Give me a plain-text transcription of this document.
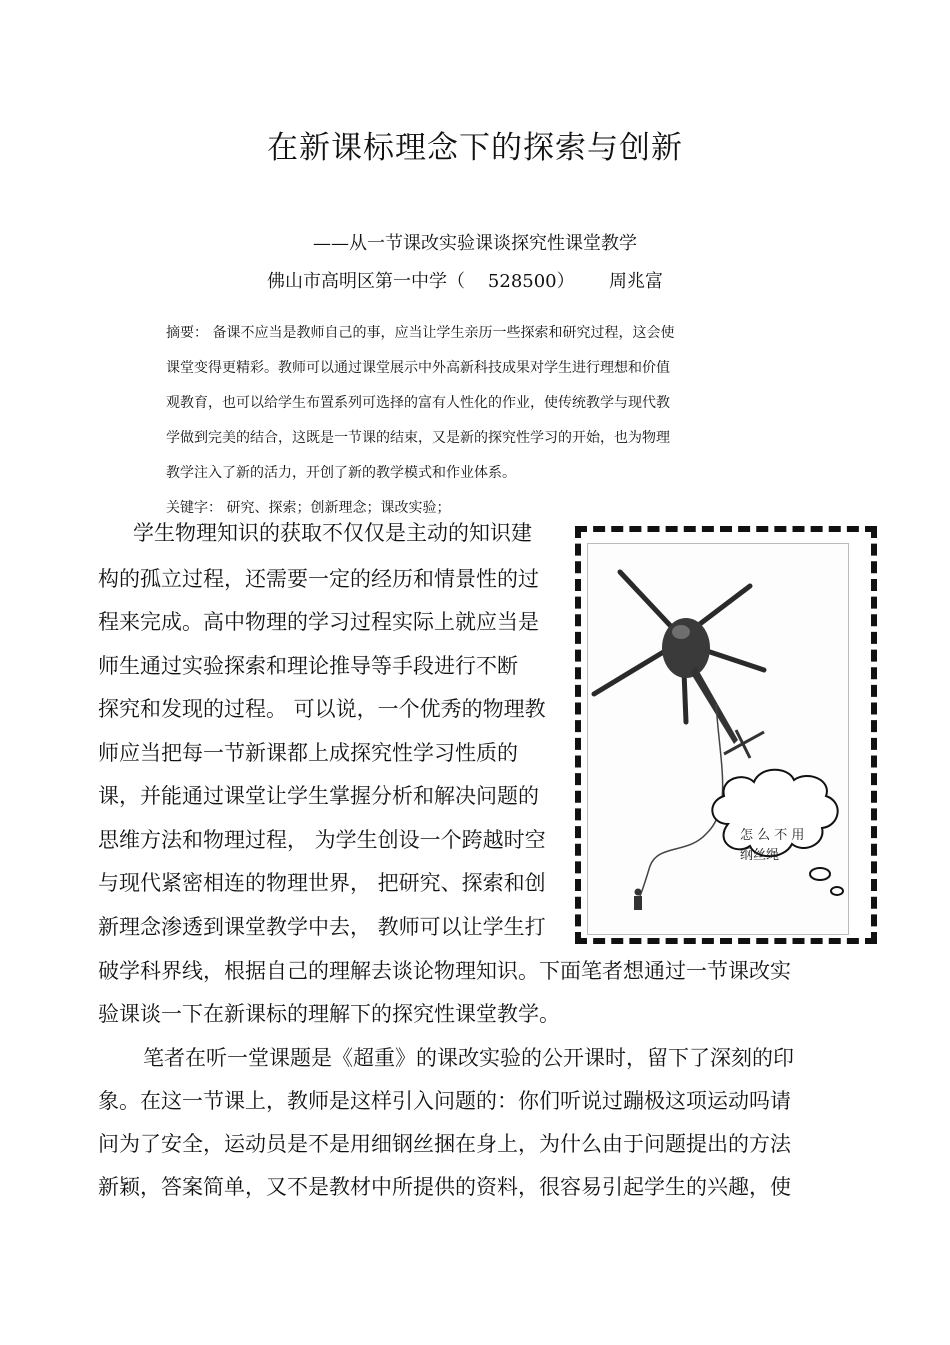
在新课标理念下的探索与创新
——从一节课改实验课谈探究性课堂教学
佛山市高明区第一中学（    528500）      周兆富
摘要： 备课不应当是教师自己的事，应当让学生亲历一些探索和研究过程，这会使
课堂变得更精彩。教师可以通过课堂展示中外高新科技成果对学生进行理想和价值
观教育，也可以给学生布置系列可选择的富有人性化的作业，使传统教学与现代教
学做到完美的结合，这既是一节课的结束，又是新的探究性学习的开始，也为物理
教学注入了新的活力，开创了新的教学模式和作业体系。
关键字： 研究、探索；创新理念；课改实验；
学生物理知识的获取不仅仅是主动的知识建
构的孤立过程，还需要一定的经历和情景性的过
程来完成。高中物理的学习过程实际上就应当是
师生通过实验探索和理论推导等手段进行不断
探究和发现的过程。 可以说，一个优秀的物理教
师应当把每一节新课都上成探究性学习性质的
课，并能通过课堂让学生掌握分析和解决问题的
思维方法和物理过程， 为学生创设一个跨越时空
与现代紧密相连的物理世界， 把研究、探索和创
新理念渗透到课堂教学中去， 教师可以让学生打
破学科界线，根据自己的理解去谈论物理知识。下面笔者想通过一节课改实
验课谈一下在新课标的理解下的探究性课堂教学。
笔者在听一堂课题是《超重》的课改实验的公开课时，留下了深刻的印
象。在这一节课上，教师是这样引入问题的：你们听说过蹦极这项运动吗请
问为了安全，运动员是不是用细钢丝捆在身上，为什么由于问题提出的方法
新颖，答案简单，又不是教材中所提供的资料，很容易引起学生的兴趣，使
怎 么 不 用
纲丝绳
